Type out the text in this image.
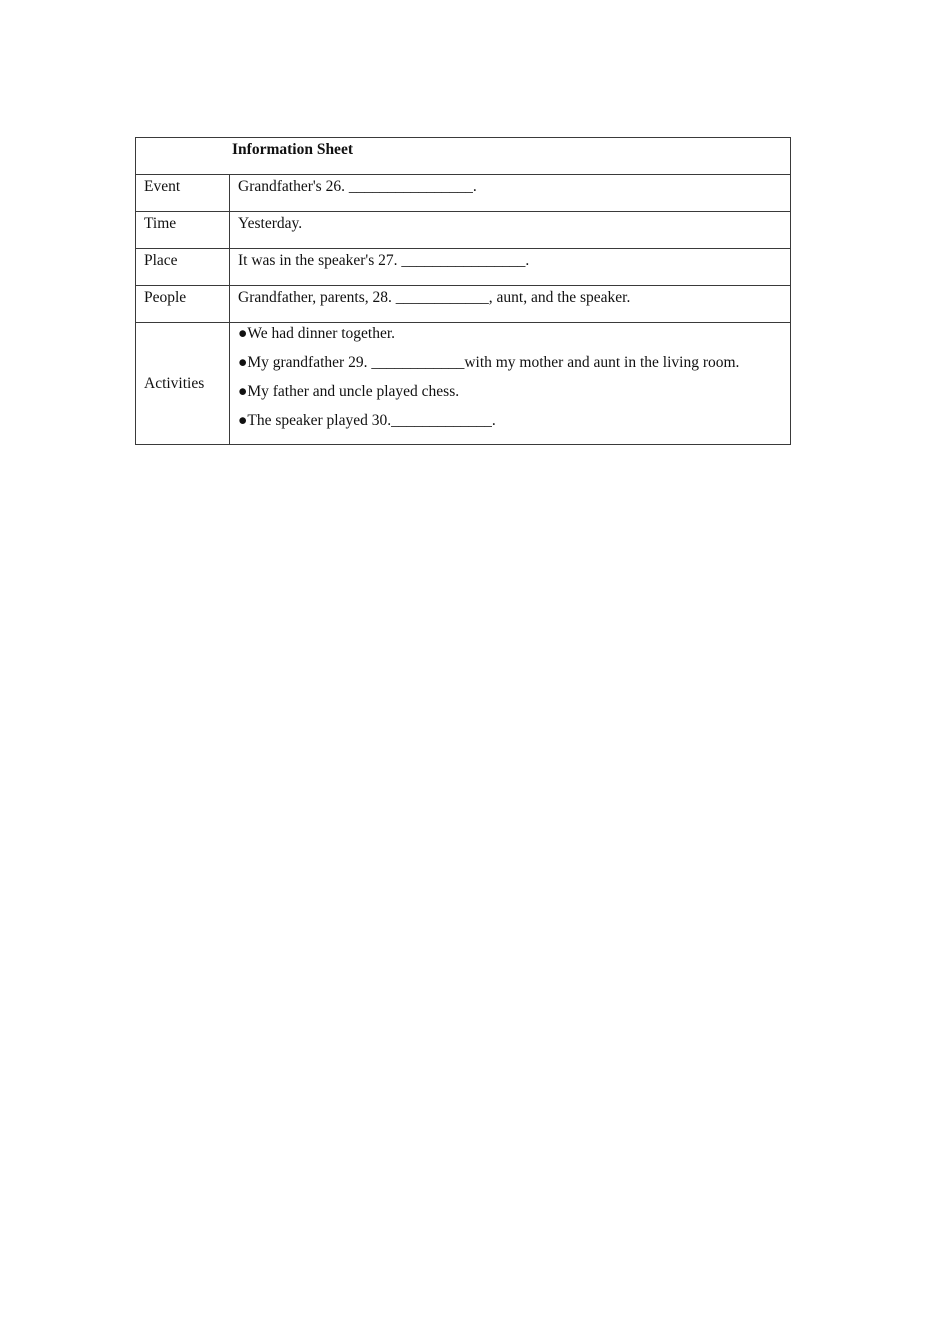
Information Sheet	

Event	Grandfather's 26. ________________.
Time	Yesterday.
Place	It was in the speaker's 27. ________________.
People	Grandfather, parents, 28. ____________, aunt, and the speaker.
Activities	●We had dinner together.
●My grandfather 29. ____________with my mother and aunt in the living room.
●My father and uncle played chess.
●The speaker played 30._____________.
